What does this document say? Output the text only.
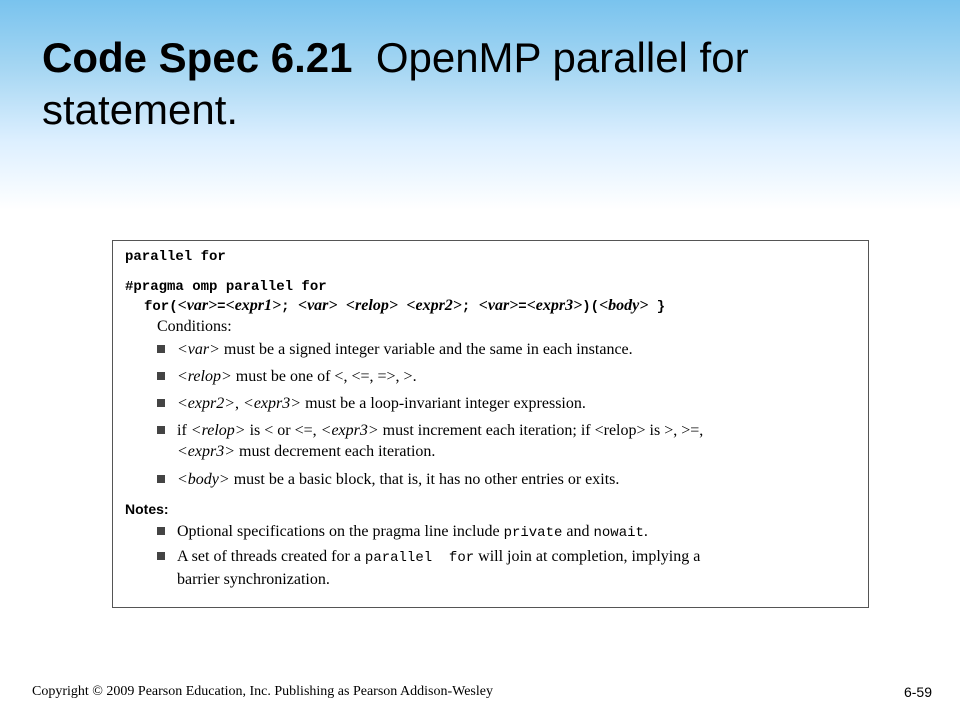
Code Spec 6.21 OpenMP parallel for statement.
parallel for
#pragma omp parallel for
for(<var>=<expr1>; <var> <relop> <expr2>; <var>=<expr3>)(<body> }
Conditions:
<var> must be a signed integer variable and the same in each instance.
<relop> must be one of <, <=, =>, >.
<expr2>, <expr3> must be a loop-invariant integer expression.
if <relop> is < or <=, <expr3> must increment each iteration; if <relop> is >, >=, <expr3> must decrement each iteration.
<body> must be a basic block, that is, it has no other entries or exits.
Notes:
Optional specifications on the pragma line include private and nowait.
A set of threads created for a parallel  for will join at completion, implying a barrier synchronization.
Copyright © 2009 Pearson Education, Inc. Publishing as Pearson Addison-Wesley	6-59
